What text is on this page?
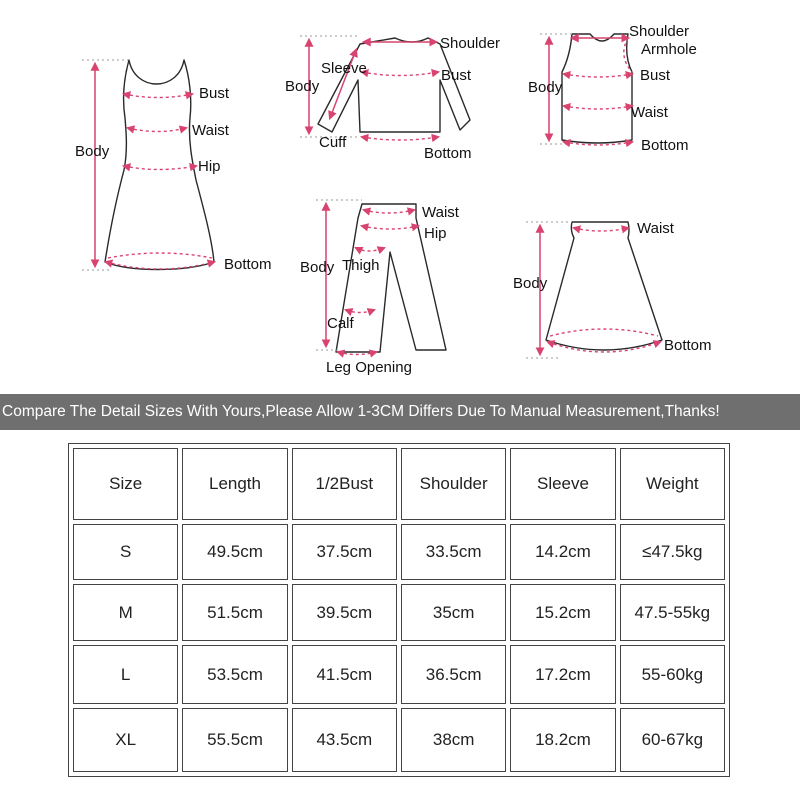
Bust
Waist
Hip
Body
Bottom
Shoulder
Sleeve	Bust
Body
Cuff
Bottom
Shoulder
Armhole
Bust
Body
Waist
Bottom
Waist
Hip
Body Thigh
Calf
Leg Opening
Waist
Body
Bottom
Compare The Detail Sizes With Yours,Please Allow 1-3CM Differs Due To Manual Measurement,Thanks!
Size	Length	1/2Bust	Shoulder	Sleeve	Weight
S	49.5cm	37.5cm	33.5cm	14.2cm	≤47.5kg
M	51.5cm	39.5cm	35cm	15.2cm	47.5-55kg
L	53.5cm	41.5cm	36.5cm	17.2cm	55-60kg
XL	55.5cm	43.5cm	38cm	18.2cm	60-67kg
